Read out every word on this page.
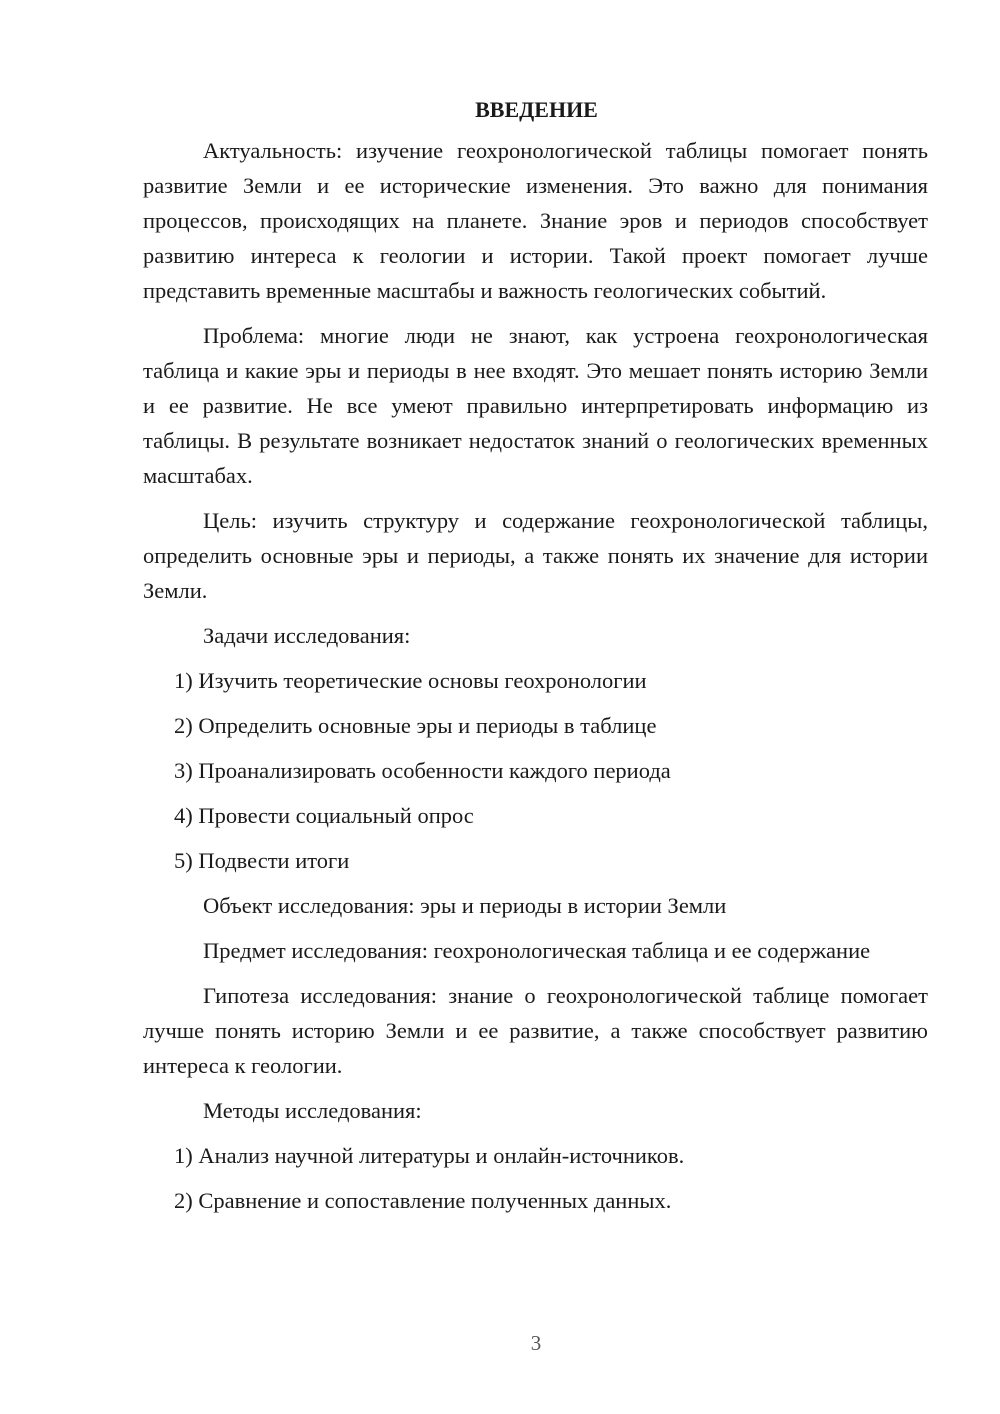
ВВЕДЕНИЕ

Актуальность: изучение геохронологической таблицы помогает понять развитие Земли и ее исторические изменения. Это важно для понимания процессов, происходящих на планете. Знание эров и периодов способствует развитию интереса к геологии и истории. Такой проект помогает лучше представить временные масштабы и важность геологических событий.

Проблема: многие люди не знают, как устроена геохронологическая таблица и какие эры и периоды в нее входят. Это мешает понять историю Земли и ее развитие. Не все умеют правильно интерпретировать информацию из таблицы. В результате возникает недостаток знаний о геологических временных масштабах.

Цель: изучить структуру и содержание геохронологической таблицы, определить основные эры и периоды, а также понять их значение для истории Земли.

Задачи исследования:
1) Изучить теоретические основы геохронологии
2) Определить основные эры и периоды в таблице
3) Проанализировать особенности каждого периода
4) Провести социальный опрос
5) Подвести итоги
Объект исследования: эры и периоды в истории Земли

Предмет исследования: геохронологическая таблица и ее содержание

Гипотеза исследования: знание о геохронологической таблице помогает лучше понять историю Земли и ее развитие, а также способствует развитию интереса к геологии.

Методы исследования:
1) Анализ научной литературы и онлайн-источников.
2) Сравнение и сопоставление полученных данных.
3
